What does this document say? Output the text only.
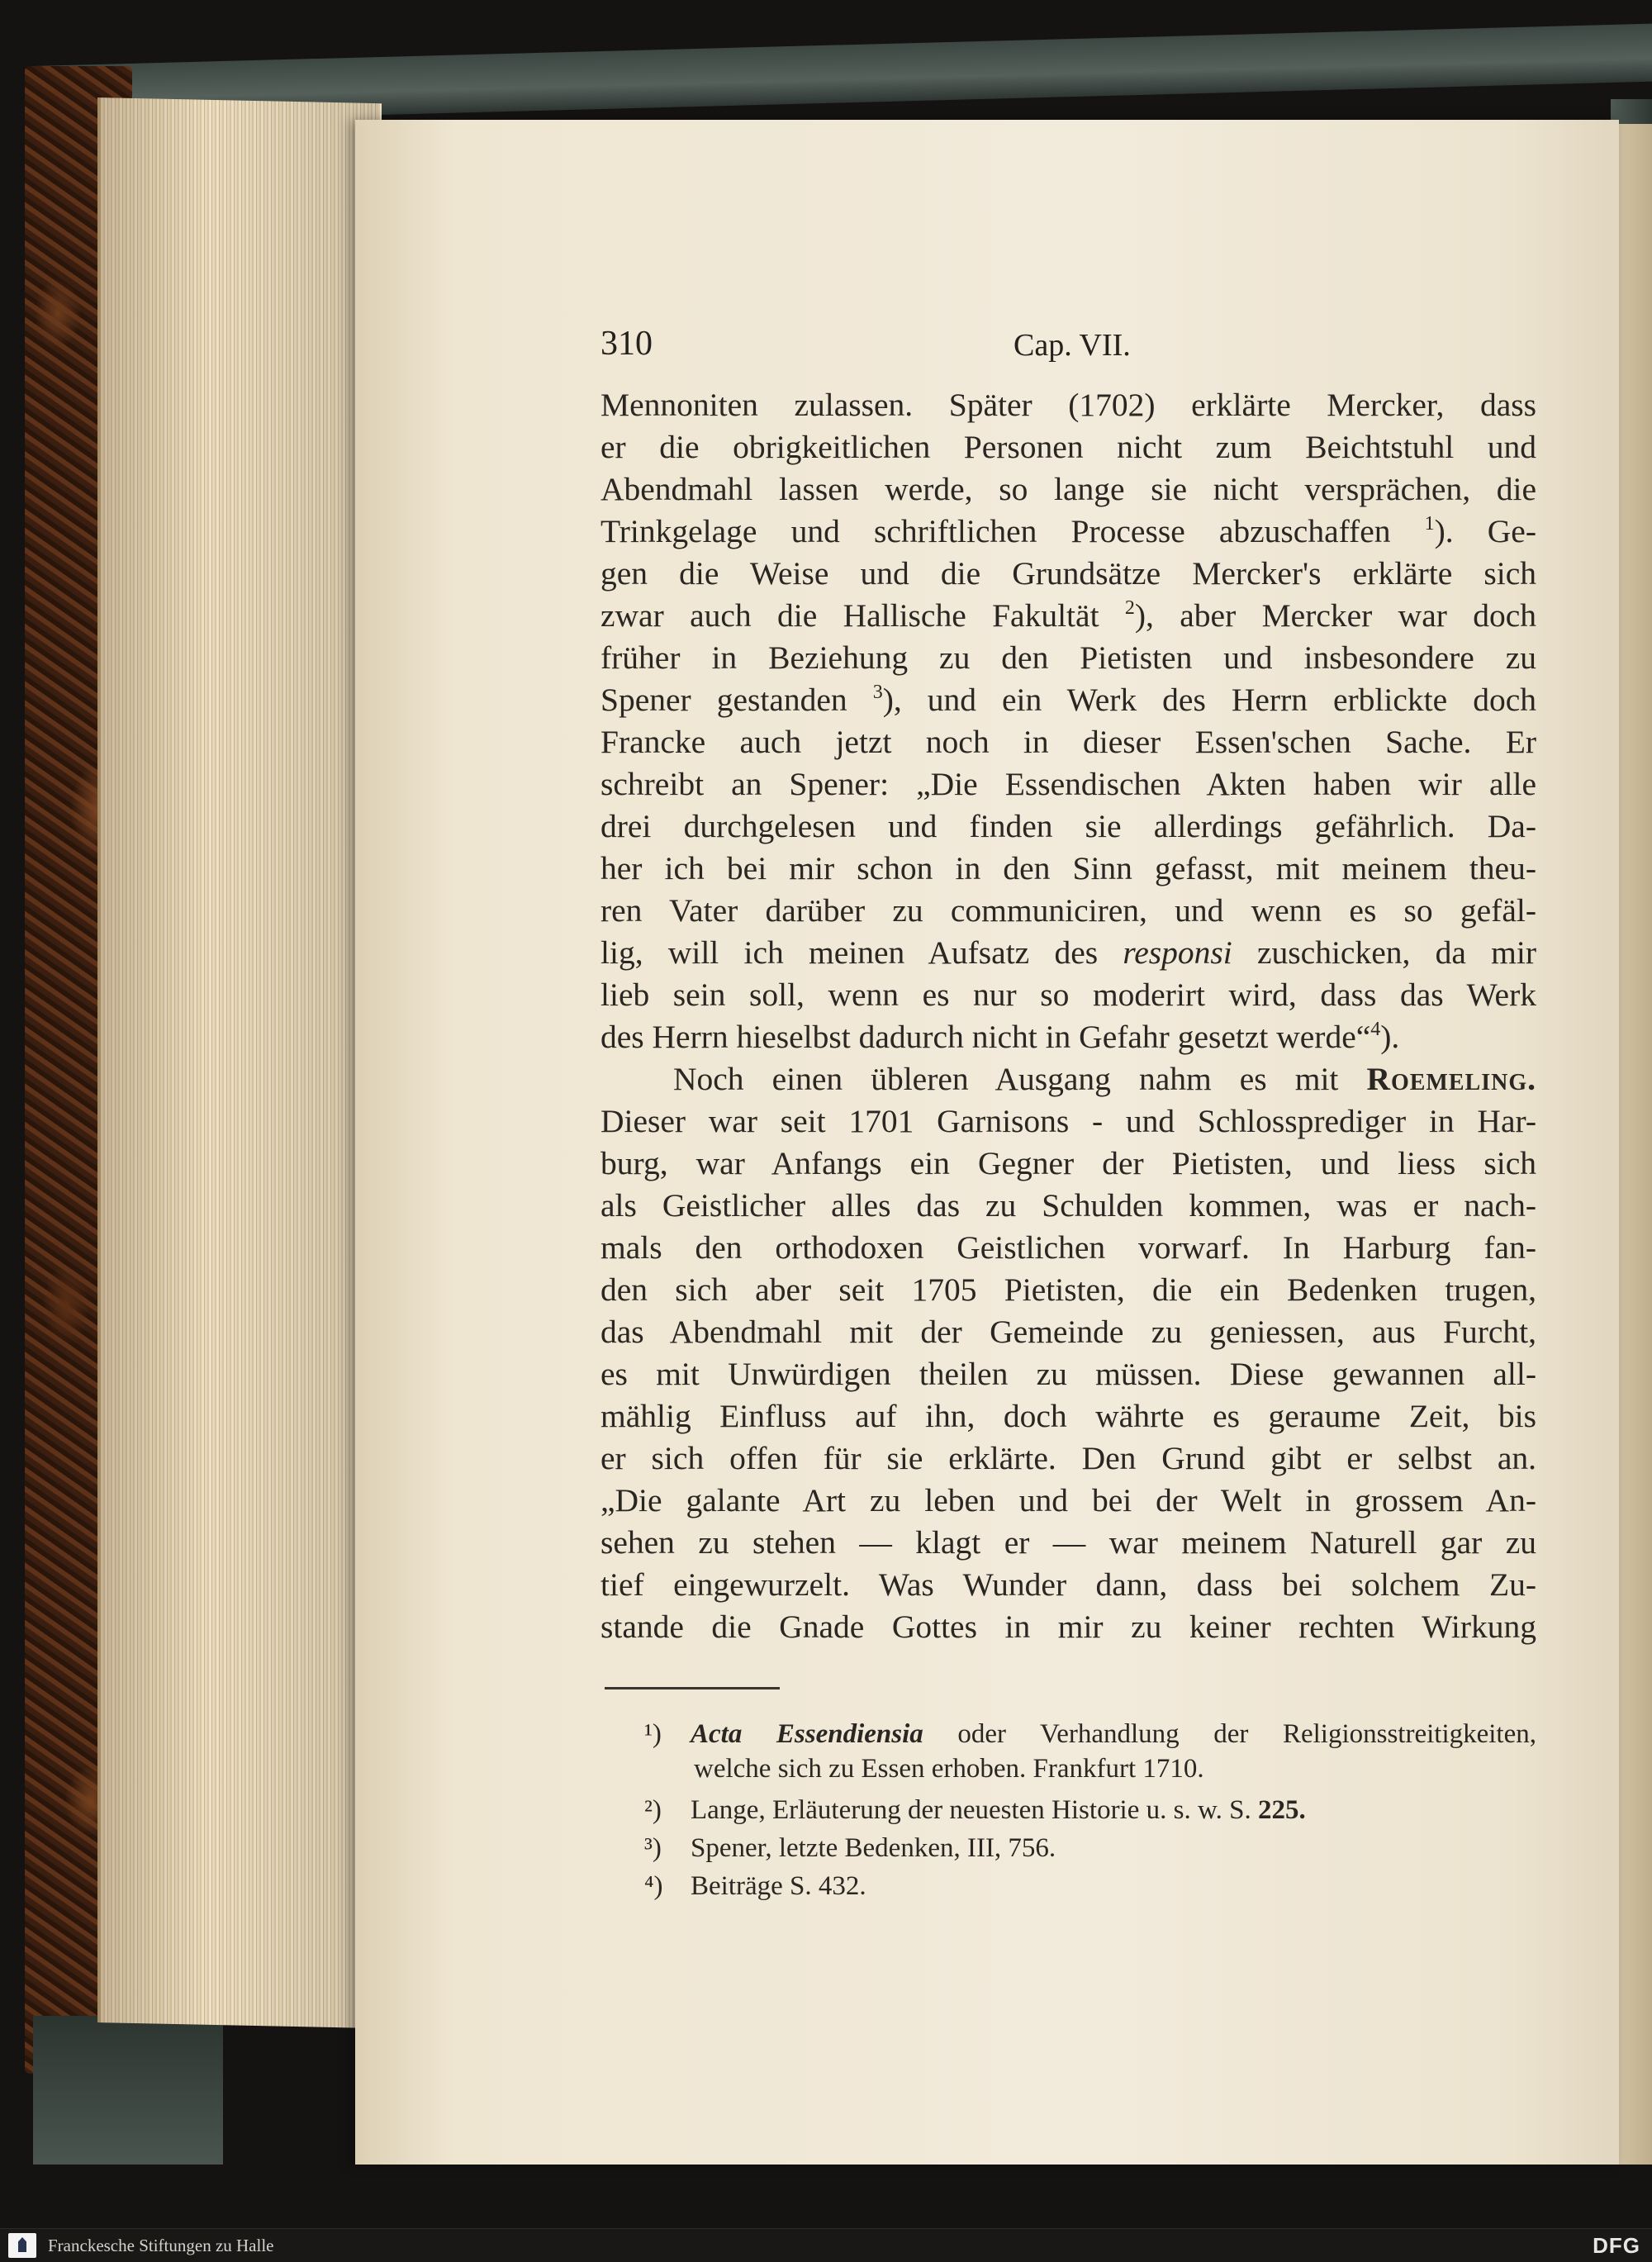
310	Cap. VII.
Mennoniten zulassen. Später (1702) erklärte Mercker, dass
er die obrigkeitlichen Personen nicht zum Beichtstuhl und
Abendmahl lassen werde, so lange sie nicht versprächen, die
Trinkgelage und schriftlichen Processe abzuschaffen $^1$). Ge-
gen die Weise und die Grundsätze Mercker's erklärte sich
zwar auch die Hallische Fakultät $^2$), aber Mercker war doch
früher in Beziehung zu den Pietisten und insbesondere zu
Spener gestanden $^3$), und ein Werk des Herrn erblickte doch
Francke auch jetzt noch in dieser Essen'schen Sache. Er
schreibt an Spener: „Die Essendischen Akten haben wir alle
drei durchgelesen und finden sie allerdings gefährlich. Da-
her ich bei mir schon in den Sinn gefasst, mit meinem theu-
ren Vater darüber zu communiciren, und wenn es so gefäl-
lig, will ich meinen Aufsatz des responsi zuschicken, da mir
lieb sein soll, wenn es nur so moderirt wird, dass das Werk
des Herrn hieselbst dadurch nicht in Gefahr gesetzt werde“$^4$).
Noch einen übleren Ausgang nahm es mit Roemeling.
Dieser war seit 1701 Garnisons - und Schlossprediger in Har-
burg, war Anfangs ein Gegner der Pietisten, und liess sich
als Geistlicher alles das zu Schulden kommen, was er nach-
mals den orthodoxen Geistlichen vorwarf. In Harburg fan-
den sich aber seit 1705 Pietisten, die ein Bedenken trugen,
das Abendmahl mit der Gemeinde zu geniessen, aus Furcht,
es mit Unwürdigen theilen zu müssen. Diese gewannen all-
mählig Einfluss auf ihn, doch währte es geraume Zeit, bis
er sich offen für sie erklärte. Den Grund gibt er selbst an.
„Die galante Art zu leben und bei der Welt in grossem An-
sehen zu stehen — klagt er — war meinem Naturell gar zu
tief eingewurzelt. Was Wunder dann, dass bei solchem Zu-
stande die Gnade Gottes in mir zu keiner rechten Wirkung
¹) Acta Essendiensia oder Verhandlung der Religionsstreitigkeiten,
welche sich zu Essen erhoben. Frankfurt 1710.
²) Lange, Erläuterung der neuesten Historie u. s. w. S. 225.
³) Spener, letzte Bedenken, III, 756.
⁴) Beiträge S. 432.
Franckesche Stiftungen zu Halle	DFG
